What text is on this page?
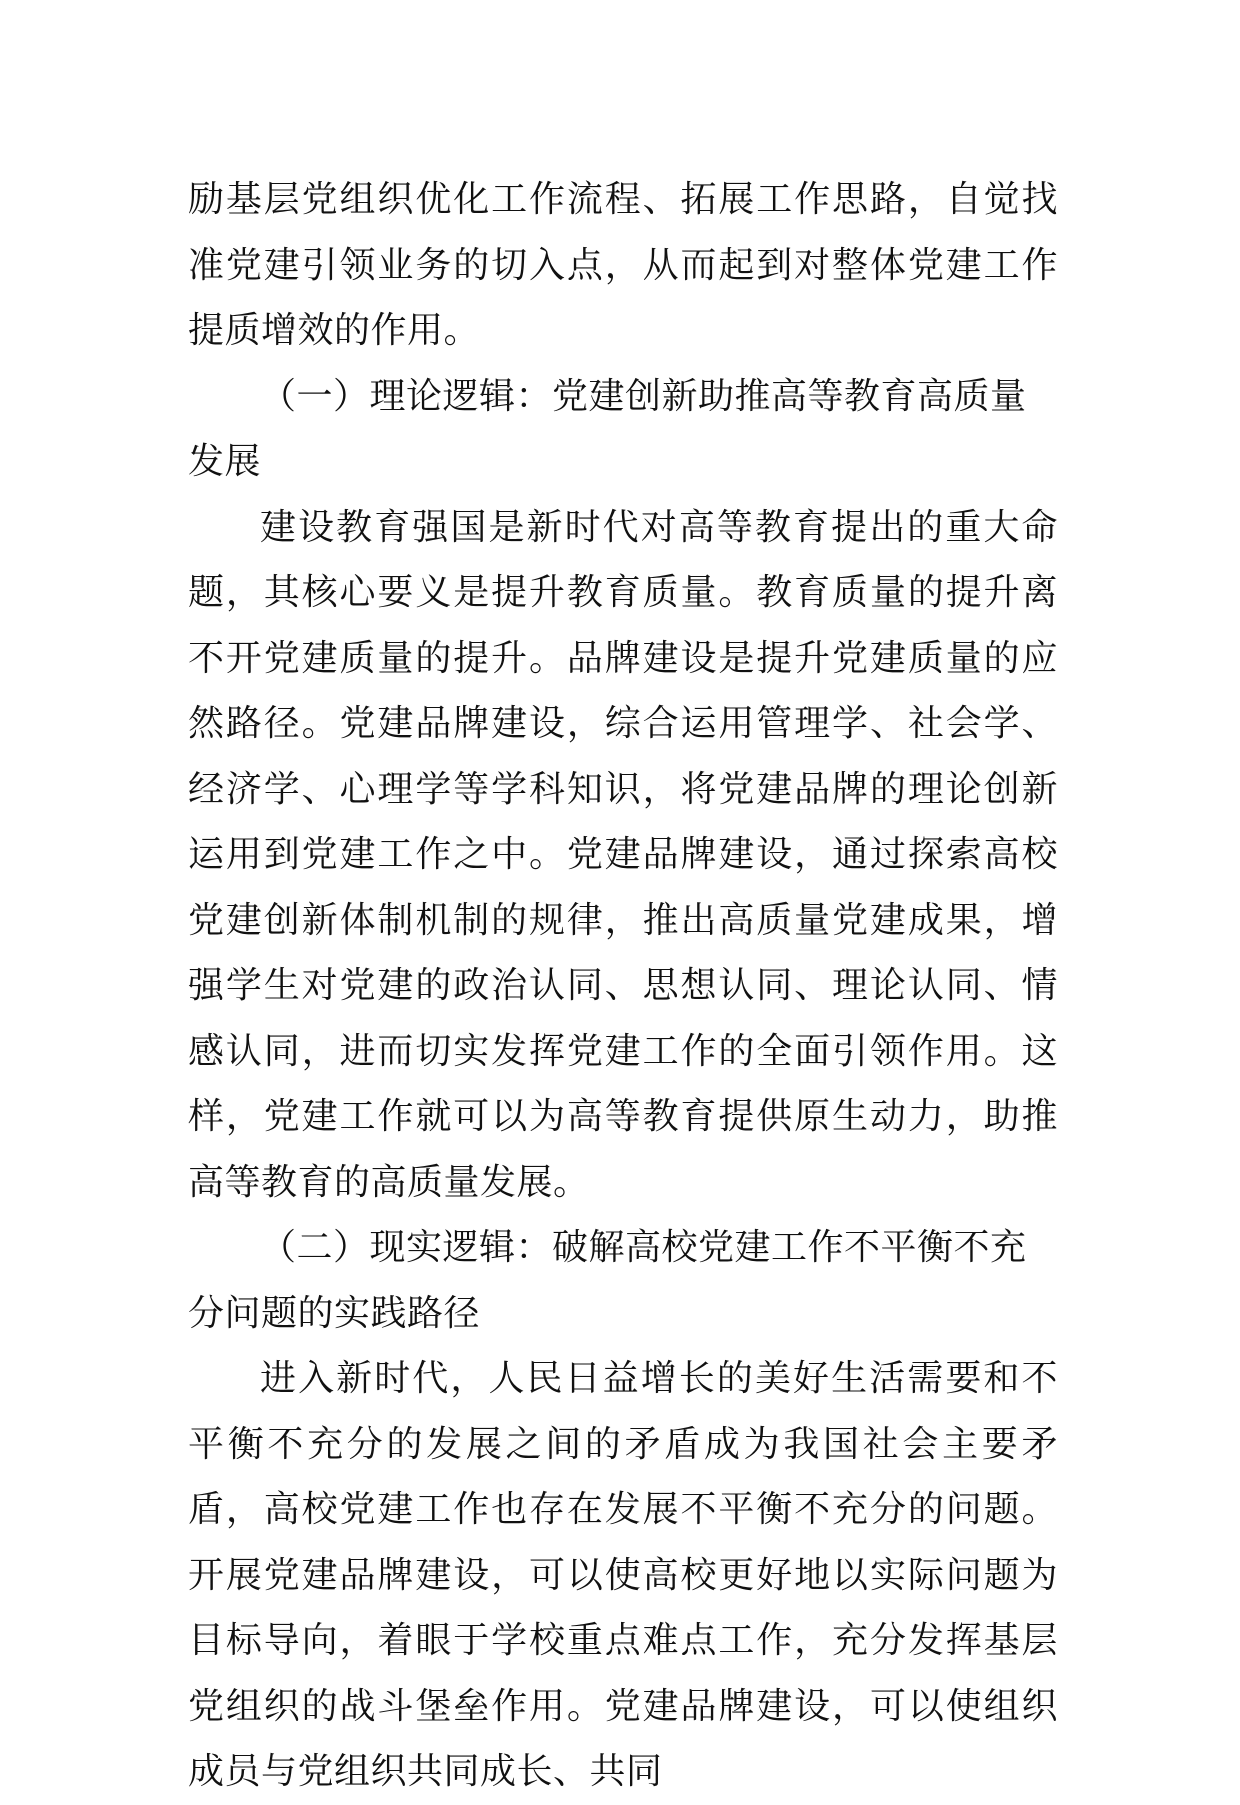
励基层党组织优化工作流程、拓展工作思路，自觉找准党建引领业务的切入点，从而起到对整体党建工作提质增效的作用。

（一）理论逻辑：党建创新助推高等教育高质量发展

建设教育强国是新时代对高等教育提出的重大命题，其核心要义是提升教育质量。教育质量的提升离不开党建质量的提升。品牌建设是提升党建质量的应然路径。党建品牌建设，综合运用管理学、社会学、经济学、心理学等学科知识，将党建品牌的理论创新运用到党建工作之中。党建品牌建设，通过探索高校党建创新体制机制的规律，推出高质量党建成果，增强学生对党建的政治认同、思想认同、理论认同、情感认同，进而切实发挥党建工作的全面引领作用。这样，党建工作就可以为高等教育提供原生动力，助推高等教育的高质量发展。

（二）现实逻辑：破解高校党建工作不平衡不充分问题的实践路径

进入新时代，人民日益增长的美好生活需要和不平衡不充分的发展之间的矛盾成为我国社会主要矛盾，高校党建工作也存在发展不平衡不充分的问题。开展党建品牌建设，可以使高校更好地以实际问题为目标导向，着眼于学校重点难点工作，充分发挥基层党组织的战斗堡垒作用。党建品牌建设，可以使组织成员与党组织共同成长、共同
